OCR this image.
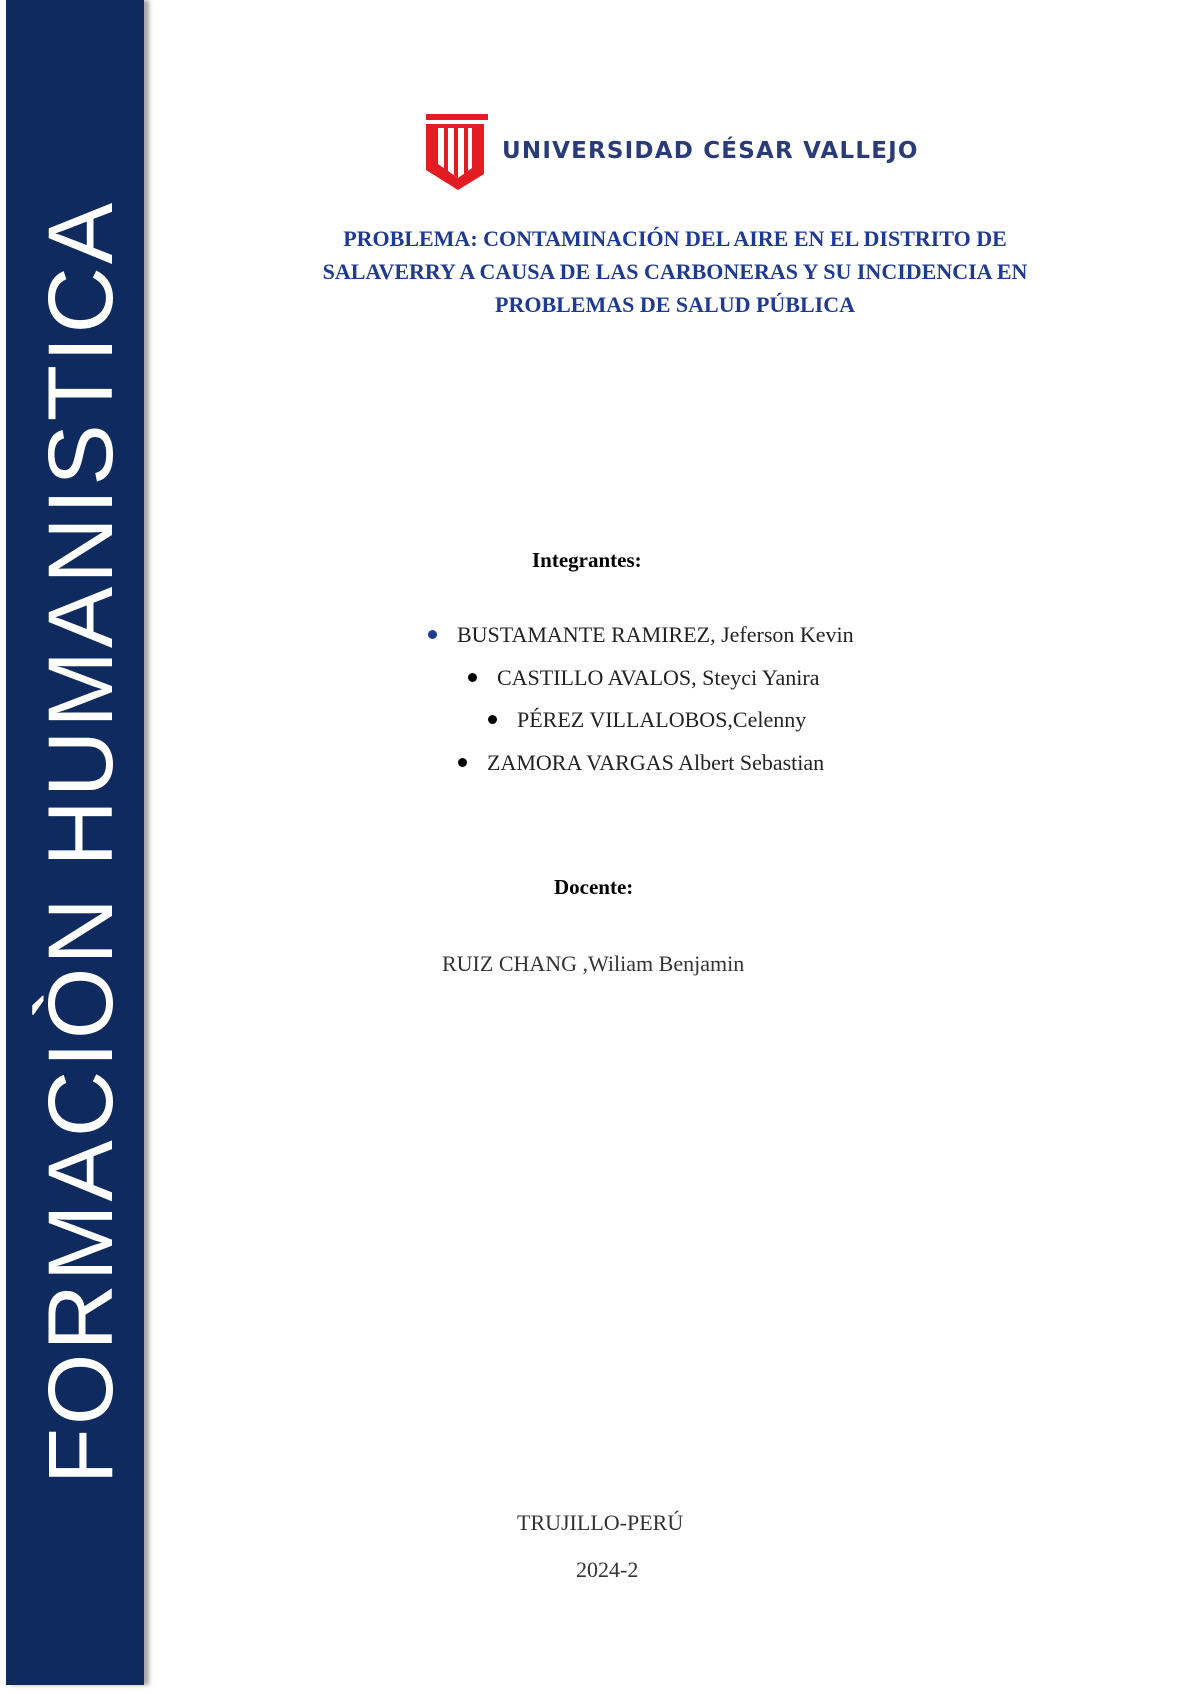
FORMACIÒN HUMANISTICA
UNIVERSIDAD CÉSAR VALLEJO
PROBLEMA: CONTAMINACIÓN DEL AIRE EN EL DISTRITO DE
SALAVERRY A CAUSA DE LAS CARBONERAS Y SU INCIDENCIA EN
PROBLEMAS DE SALUD PÚBLICA
Integrantes:
BUSTAMANTE RAMIREZ, Jeferson Kevin
CASTILLO AVALOS, Steyci Yanira
PÉREZ VILLALOBOS,Celenny
ZAMORA VARGAS Albert Sebastian
Docente:
RUIZ CHANG ,Wiliam Benjamin
TRUJILLO-PERÚ
2024-2
